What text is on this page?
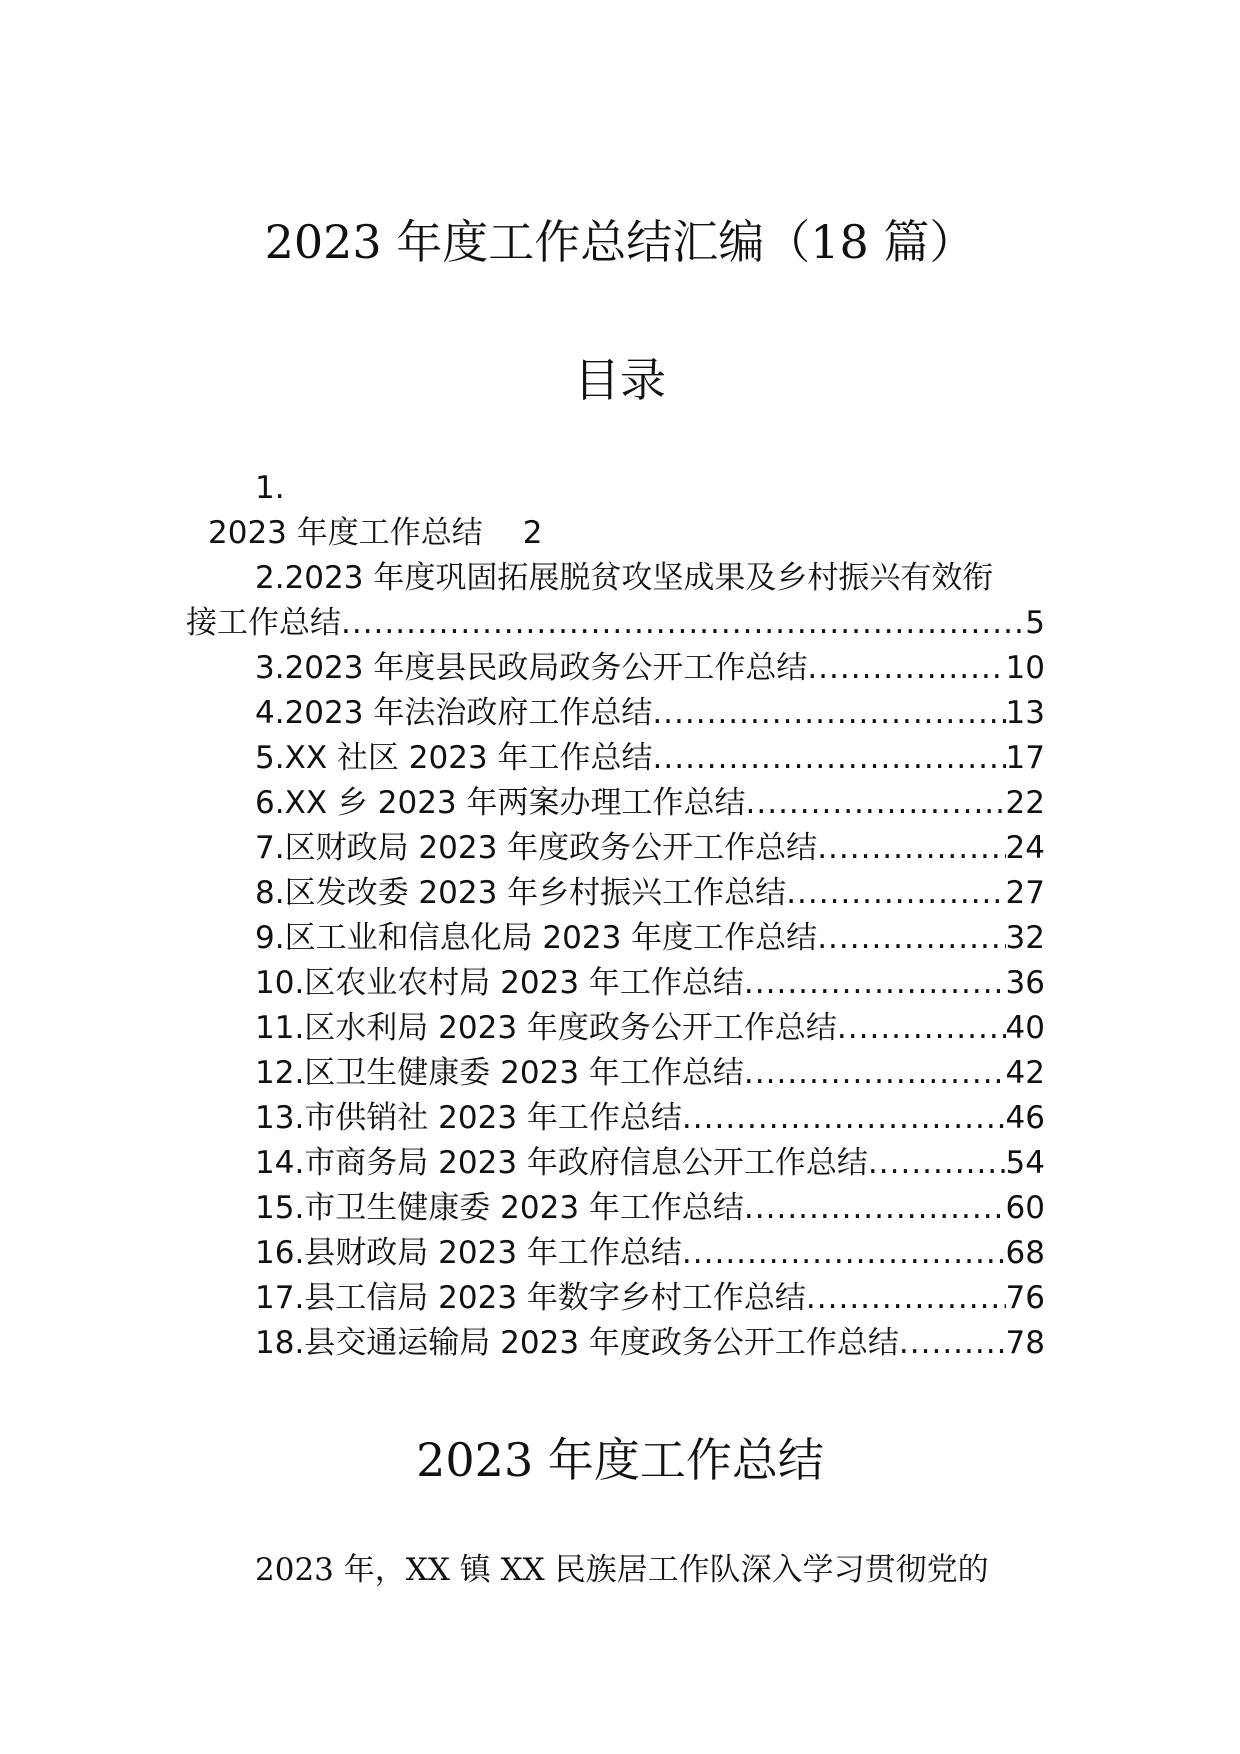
2023 年度工作总结汇编（18 篇）
目录
1.
2023 年度工作总结 2
2.2023 年度巩固拓展脱贫攻坚成果及乡村振兴有效衔
接工作总结 .....	5
3.2023 年度县民政局政务公开工作总结 .....	10
4.2023 年法治政府工作总结 .....	13
5.XX 社区 2023 年工作总结 .....	17
6.XX 乡 2023 年两案办理工作总结 .....	22
7.区财政局 2023 年度政务公开工作总结 .....	24
8.区发改委 2023 年乡村振兴工作总结 .....	27
9.区工业和信息化局 2023 年度工作总结 .....	32
10.区农业农村局 2023 年工作总结 .....	36
11.区水利局 2023 年度政务公开工作总结 .....	40
12.区卫生健康委 2023 年工作总结 .....	42
13.市供销社 2023 年工作总结 .....	46
14.市商务局 2023 年政府信息公开工作总结 .....	54
15.市卫生健康委 2023 年工作总结 .....	60
16.县财政局 2023 年工作总结 .....	68
17.县工信局 2023 年数字乡村工作总结 .....	76
18.县交通运输局 2023 年度政务公开工作总结 .....	78
2023 年度工作总结
2023 年，XX 镇 XX 民族居工作队深入学习贯彻党的
